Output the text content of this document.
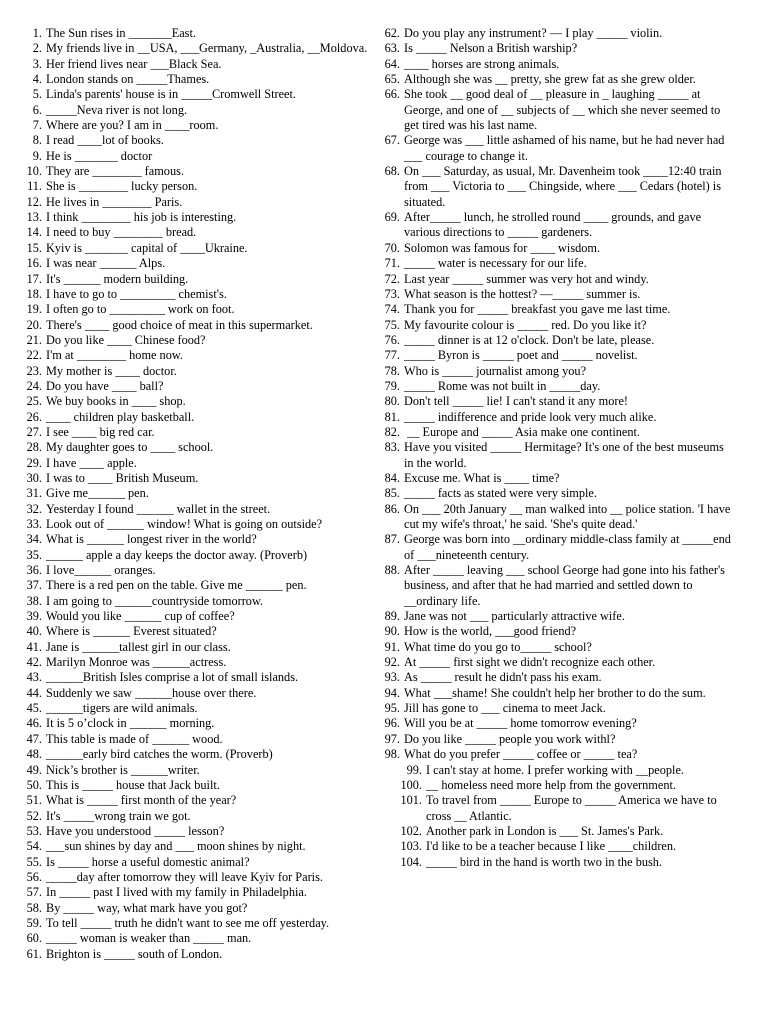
1. The Sun rises in _______East.
2. My friends live in __USA, ___Germany, _Australia, __Moldova.
3. Her friend lives near ___Black Sea.
4. London stands on _____Thames.
5. Linda's parents' house is in _____Cromwell Street.
6. _____Neva river is not long.
7. Where are you? I am in ____room.
8. I read ____lot of books.
9. He is _______ doctor
10. They are ________ famous.
11. She is ________ lucky person.
12. He lives in ________ Paris.
13. I think ________ his job is interesting.
14. I need to buy ________ bread.
15. Kyiv is _______ capital of ____Ukraine.
16. I was near ______ Alps.
17. It's ______ modern building.
18. I have to go to _________ chemist's.
19. I often go to _________ work on foot.
20. There's ____ good choice of meat in this supermarket.
21. Do you like ____ Chinese food?
22. I'm at ________ home now.
23. My mother is ____ doctor.
24. Do you have ____ ball?
25. We buy books in ____ shop.
26. ____ children play basketball.
27. I see ____ big red car.
28. My daughter goes to ____ school.
29. I have ____ apple.
30. I was to ____ British Museum.
31. Give me______ pen.
32. Yesterday I found ______ wallet in the street.
33. Look out of ______ window! What is going on outside?
34. What is ______ longest river in the world?
35. ______ apple a day keeps the doctor away. (Proverb)
36. I love______ oranges.
37. There is a red pen on the table. Give me ______ pen.
38. I am going to ______countryside tomorrow.
39. Would you like ______ cup of coffee?
40. Where is ______ Everest situated?
41. Jane is ______tallest girl in our class.
42. Marilyn Monroe was ______actress.
43. ______British Isles comprise a lot of small islands.
44. Suddenly we saw ______house over there.
45. ______tigers are wild animals.
46. It is 5 o’clock in ______ morning.
47. This table is made of ______ wood.
48. ______early bird catches the worm. (Proverb)
49. Nick’s brother is ______writer.
50. This is _____ house that Jack built.
51. What is _____ first month of the year?
52. It's _____wrong train we got.
53. Have you understood _____ lesson?
54. ___sun shines by day and ___ moon shines by night.
55. Is _____ horse a useful domestic animal?
56. _____day after tomorrow they will leave Kyiv for Paris.
57. In _____ past I lived with my family in Philadelphia.
58. By _____ way, what mark have you got?
59. To tell _____ truth he didn't want to see me off yesterday.
60. _____ woman is weaker than _____ man.
61. Brighton is _____ south of London.
62. Do you play any instrument? — I play _____ violin.
63. Is _____ Nelson a British warship?
64. ____ horses are strong animals.
65. Although she was __ pretty, she grew fat as she grew older.
66. She took __ good deal of __ pleasure in _ laughing _____ at George, and one of __ subjects of __ which she never seemed to get tired was his last name.
67. George was ___ little ashamed of his name, but he had never had ___ courage to change it.
68. On ___ Saturday, as usual, Mr. Davenheim took ____12:40 train from ___ Victoria to ___ Chingside, where ___ Cedars (hotel) is situated.
69. After_____ lunch, he strolled round ____ grounds, and gave various directions to _____ gardeners.
70. Solomon was famous for ____ wisdom.
71. _____ water is necessary for our life.
72. Last year _____ summer was very hot and windy.
73. What season is the hottest? —_____ summer is.
74. Thank you for _____ breakfast you gave me last time.
75. My favourite colour is _____ red. Do you like it?
76. _____ dinner is at 12 o'clock. Don't be late, please.
77. _____ Byron is _____ poet and _____ novelist.
78. Who is _____ journalist among you?
79. _____ Rome was not built in _____day.
80. Don't tell _____ lie! I can't stand it any more!
81. _____ indifference and pride look very much alike.
82. __ Europe and _____ Asia make one continent.
83. Have you visited _____ Hermitage? It's one of the best museums in the world.
84. Excuse me. What is ____ time?
85. _____ facts as stated were very simple.
86. On ___ 20th January __ man walked into __ police station. 'I have cut my wife's throat,' he said. 'She's quite dead.'
87. George was born into __ordinary middle-class family at _____end of ___nineteenth century.
88. After _____ leaving ___ school George had gone into his father's business, and after that he had married and settled down to __ordinary life.
89. Jane was not ___ particularly attractive wife.
90. How is the world, ___good friend?
91. What time do you go to_____ school?
92. At _____ first sight we didn't recognize each other.
93. As _____ result he didn't pass his exam.
94. What ___shame! She couldn't help her brother to do the sum.
95. Jill has gone to ___ cinema to meet Jack.
96. Will you be at _____ home tomorrow evening?
97. Do you like _____ people you work withl?
98. What do you prefer _____ coffee or _____ tea?
99. I can't stay at home. I prefer working with __people.
100. __ homeless need more help from the government.
101. To travel from _____ Europe to _____ America we have to cross __ Atlantic.
102. Another park in London is ___ St. James's Park.
103. I'd like to be a teacher because I like ____children.
104. _____ bird in the hand is worth two in the bush.
